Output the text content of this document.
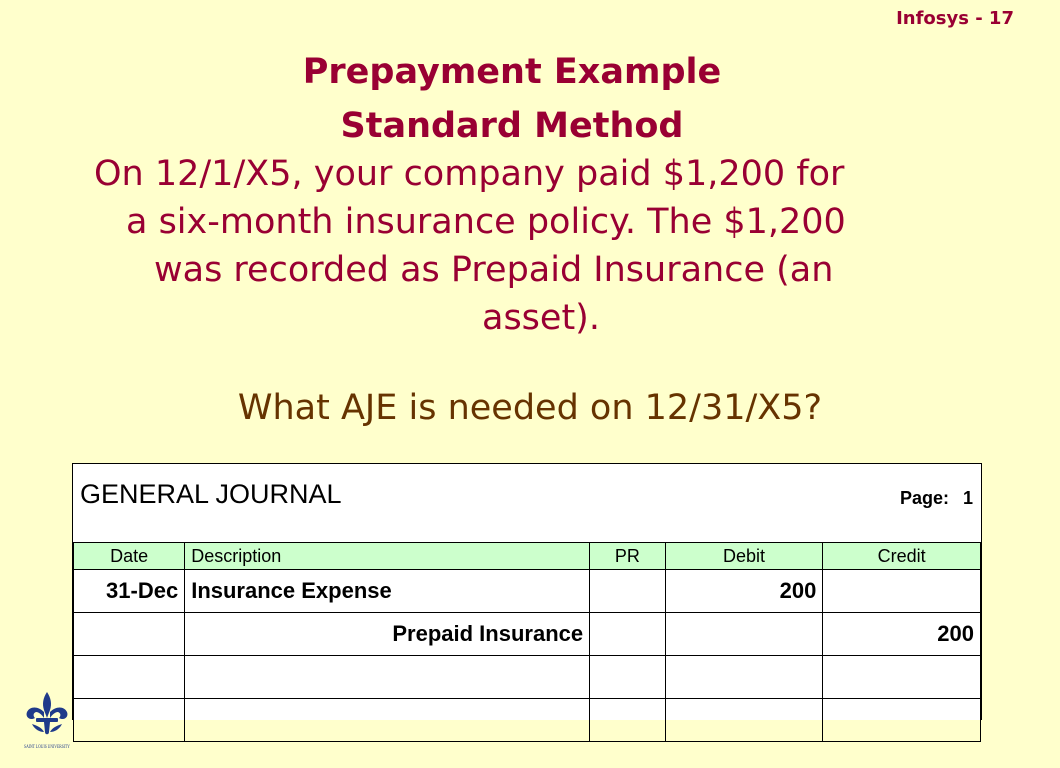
Infosys - 17
Prepayment Example
Standard Method
On 12/1/X5, your company paid $1,200 for
a six-month insurance policy. The $1,200
was recorded as Prepaid Insurance (an
asset).
What AJE is needed on 12/31/X5?
GENERAL JOURNAL	Page: 1
Date	Description	PR	Debit	Credit
31-Dec	Insurance Expense		200	
	Prepaid Insurance			200

SAINT LOUIS UNIVERSITY
